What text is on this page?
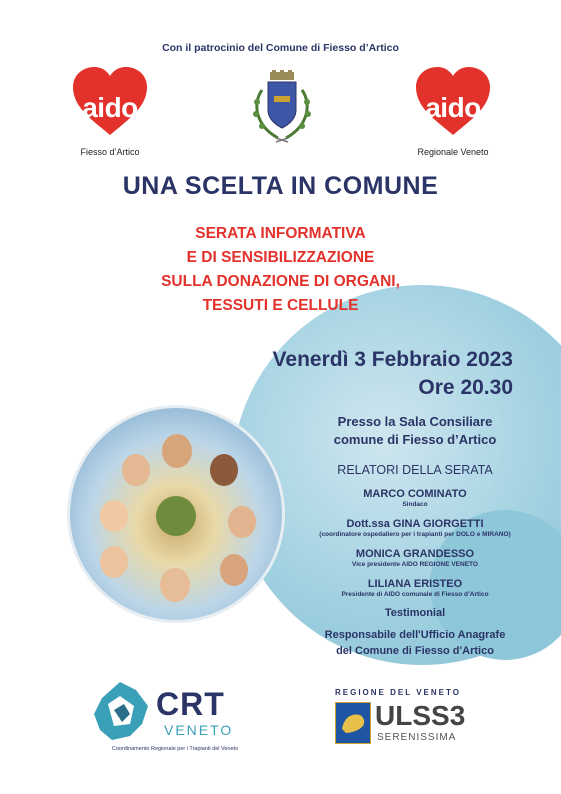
Con il patrocinio del Comune di Fiesso d’Artico
aido
Fiesso d’Artico
aido
Regionale Veneto
UNA SCELTA IN COMUNE
SERATA INFORMATIVA
E DI SENSIBILIZZAZIONE
SULLA DONAZIONE DI ORGANI,
TESSUTI E CELLULE
Venerdì 3 Febbraio 2023
Ore 20.30
Presso la Sala Consiliare
comune di Fiesso d’Artico
RELATORI DELLA SERATA
MARCO COMINATO
Sindaco
Dott.ssa GINA GIORGETTI
(coordinatore ospedaliero per i trapianti per DOLO e MIRANO)
MONICA GRANDESSO
Vice presidente AIDO REGIONE VENETO
LILIANA ERISTEO
Presidente di AIDO comunale di Fiesso d’Artico
Testimonial
Responsabile dell'Ufficio Anagrafe
del Comune di Fiesso d'Artico
CRT
VENETO
Coordinamento Regionale per i Trapianti del Veneto
REGIONE DEL VENETO
ULSS3
SERENISSIMA
